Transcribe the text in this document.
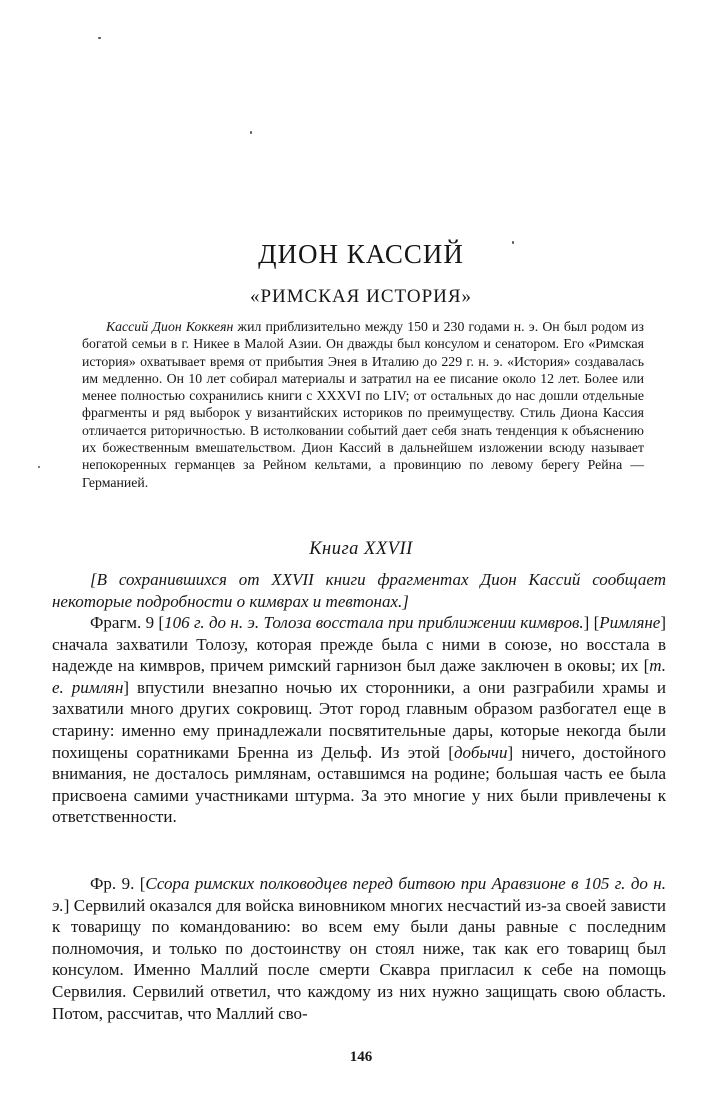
ДИОН КАССИЙ
«РИМСКАЯ ИСТОРИЯ»

Кассий Дион Коккеян жил приблизительно между 150 и 230 годами н. э. Он был родом из богатой семьи в г. Никее в Малой Азии. Он дважды был консулом и сенатором. Его «Римская история» охватывает время от прибытия Энея в Италию до 229 г. н. э. «История» создавалась им медленно. Он 10 лет собирал материалы и затратил на ее писание около 12 лет. Более или менее полностью сохранились книги с XXXVI по LIV; от остальных до нас дошли отдельные фрагменты и ряд выборок у византийских историков по преимуществу. Стиль Диона Кассия отличается риторичностью. В истолковании событий дает себя знать тенденция к объяснению их божественным вмешательством. Дион Кассий в дальнейшем изложении всюду называет непокоренных германцев за Рейном кельтами, а провинцию по левому берегу Рейна — Германией.

Книга XXVII

[В сохранившихся от XXVII книги фрагментах Дион Кассий сообщает некоторые подробности о кимврах и тевтонах.]

Фрагм. 9 [106 г. до н. э. Толоза восстала при приближении кимвров.] [Римляне] сначала захватили Толозу, которая прежде была с ними в союзе, но восстала в надежде на кимвров, причем римский гарнизон был даже заключен в оковы; их [т. е. римлян] впустили внезапно ночью их сторонники, а они разграбили храмы и захватили много других сокровищ. Этот город главным образом разбогател еще в старину: именно ему принадлежали посвятительные дары, которые некогда были похищены соратниками Бренна из Дельф. Из этой [добычи] ничего, достойного внимания, не досталось римлянам, оставшимся на родине; большая часть ее была присвоена самими участниками штурма. За это многие у них были привлечены к ответственности.

Фр. 9. [Ссора римских полководцев перед битвою при Аравзионе в 105 г. до н. э.] Сервилий оказался для войска виновником многих несчастий из-за своей зависти к товарищу по командованию: во всем ему были даны равные с последним полномочия, и только по достоинству он стоял ниже, так как его товарищ был консулом. Именно Маллий после смерти Скавра пригласил к себе на помощь Сервилия. Сервилий ответил, что каждому из них нужно защищать свою область. Потом, рассчитав, что Маллий сво-

146
